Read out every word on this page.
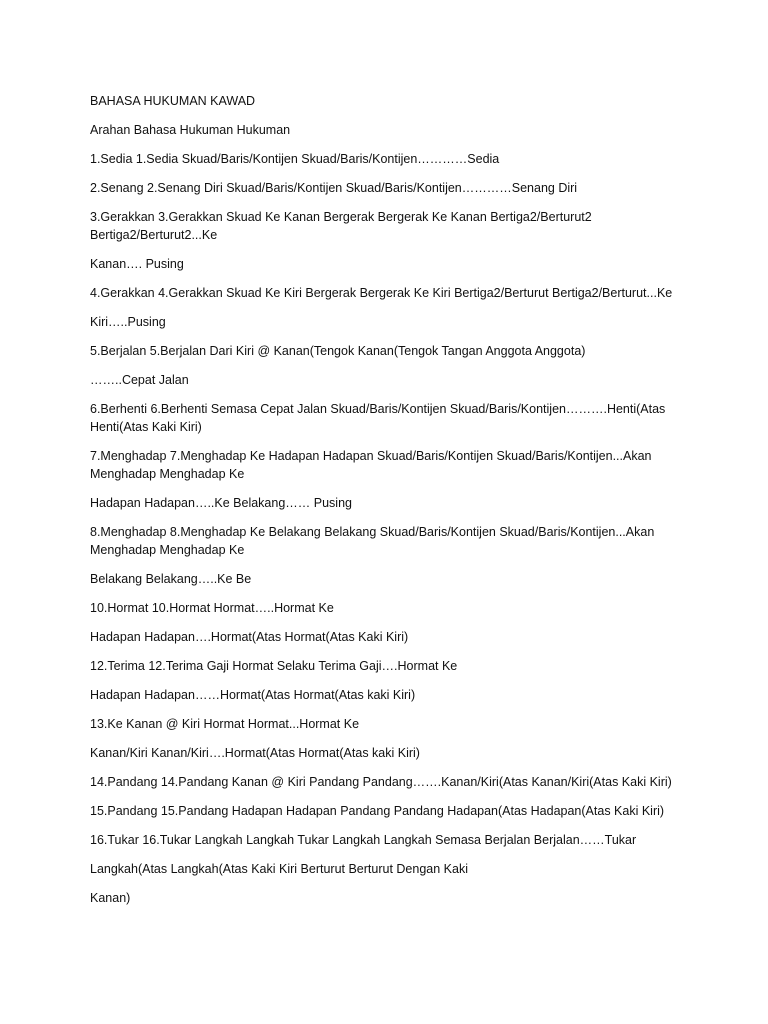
BAHASA HUKUMAN KAWAD

Arahan Bahasa Hukuman Hukuman

1.Sedia 1.Sedia Skuad/Baris/Kontijen Skuad/Baris/Kontijen…………Sedia

2.Senang 2.Senang Diri Skuad/Baris/Kontijen Skuad/Baris/Kontijen…………Senang Diri

3.Gerakkan 3.Gerakkan Skuad Ke Kanan Bergerak Bergerak Ke Kanan Bertiga2/Berturut2 Bertiga2/Berturut2...Ke

Kanan…. Pusing

4.Gerakkan 4.Gerakkan Skuad Ke Kiri Bergerak Bergerak Ke Kiri Bertiga2/Berturut Bertiga2/Berturut...Ke

Kiri…..Pusing

5.Berjalan 5.Berjalan Dari Kiri @ Kanan(Tengok Kanan(Tengok Tangan Anggota Anggota)

……..Cepat Jalan

6.Berhenti 6.Berhenti Semasa Cepat Jalan Skuad/Baris/Kontijen Skuad/Baris/Kontijen……….Henti(Atas Henti(Atas Kaki Kiri)

7.Menghadap 7.Menghadap Ke Hadapan Hadapan Skuad/Baris/Kontijen Skuad/Baris/Kontijen...Akan Menghadap Menghadap Ke

Hadapan Hadapan…..Ke Belakang…… Pusing

8.Menghadap 8.Menghadap Ke Belakang Belakang Skuad/Baris/Kontijen Skuad/Baris/Kontijen...Akan Menghadap Menghadap Ke

Belakang Belakang…..Ke Be

10.Hormat 10.Hormat Hormat…..Hormat Ke

Hadapan Hadapan….Hormat(Atas Hormat(Atas Kaki Kiri)

12.Terima 12.Terima Gaji Hormat Selaku Terima Gaji….Hormat Ke

Hadapan Hadapan……Hormat(Atas Hormat(Atas kaki Kiri)

13.Ke Kanan @ Kiri Hormat Hormat...Hormat Ke

Kanan/Kiri Kanan/Kiri….Hormat(Atas Hormat(Atas kaki Kiri)

14.Pandang 14.Pandang Kanan @ Kiri Pandang Pandang…….Kanan/Kiri(Atas Kanan/Kiri(Atas Kaki Kiri)

15.Pandang 15.Pandang Hadapan Hadapan Pandang Pandang Hadapan(Atas Hadapan(Atas Kaki Kiri)

16.Tukar 16.Tukar Langkah Langkah Tukar Langkah Langkah Semasa Berjalan Berjalan……Tukar

Langkah(Atas Langkah(Atas Kaki Kiri Berturut Berturut Dengan Kaki

Kanan)
